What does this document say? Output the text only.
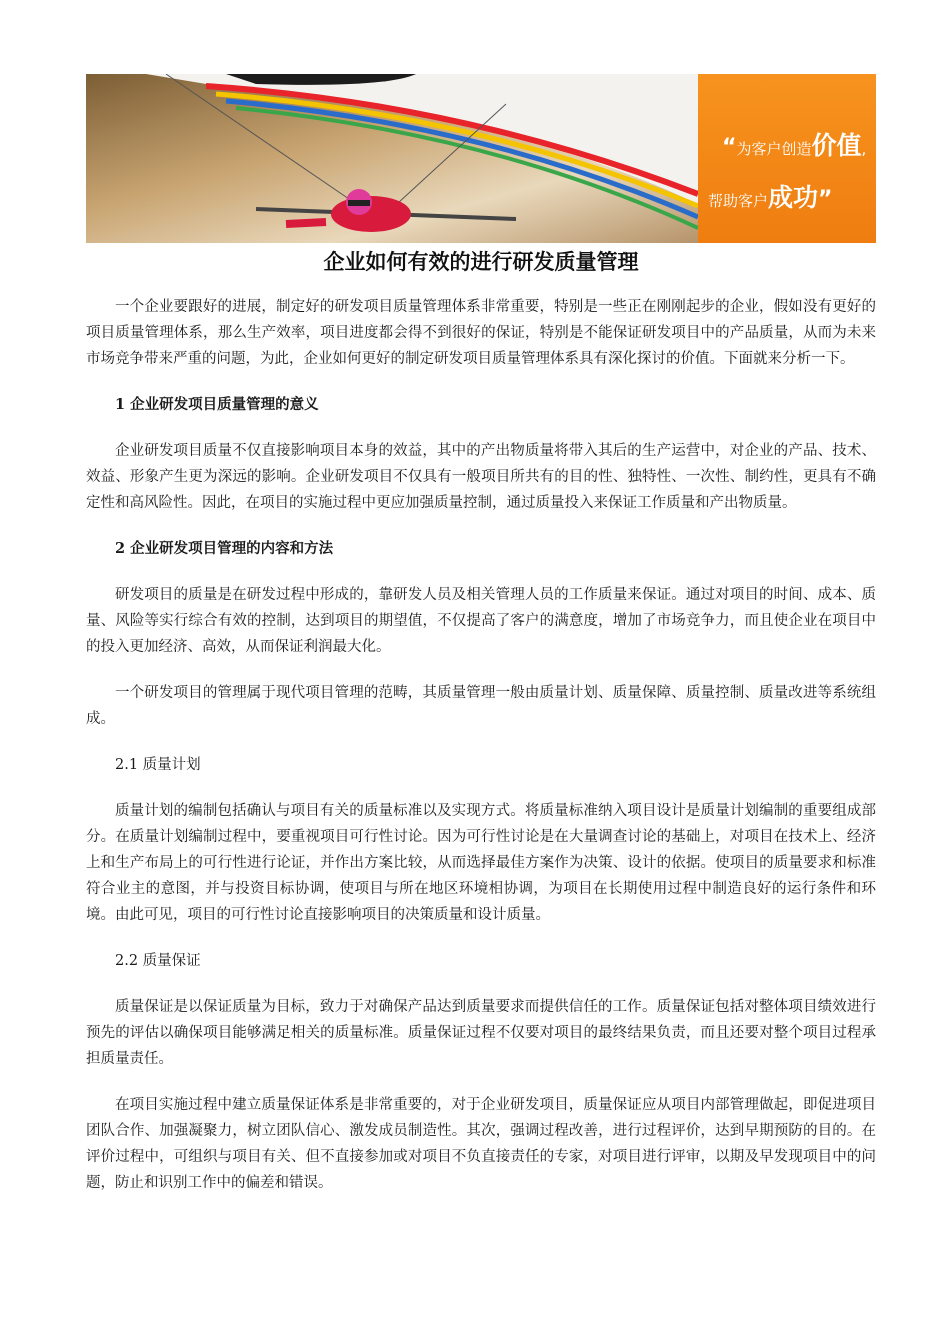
“为客户创造价值,
帮助客户成功”
企业如何有效的进行研发质量管理

一个企业要跟好的进展，制定好的研发项目质量管理体系非常重要，特别是一些正在刚刚起步的企业，假如没有更好的项目质量管理体系，那么生产效率，项目进度都会得不到很好的保证，特别是不能保证研发项目中的产品质量，从而为未来市场竞争带来严重的问题，为此，企业如何更好的制定研发项目质量管理体系具有深化探讨的价值。下面就来分析一下。

1 企业研发项目质量管理的意义

企业研发项目质量不仅直接影响项目本身的效益，其中的产出物质量将带入其后的生产运营中，对企业的产品、技术、效益、形象产生更为深远的影响。企业研发项目不仅具有一般项目所共有的目的性、独特性、一次性、制约性，更具有不确定性和高风险性。因此，在项目的实施过程中更应加强质量控制，通过质量投入来保证工作质量和产出物质量。

2 企业研发项目管理的内容和方法

研发项目的质量是在研发过程中形成的，靠研发人员及相关管理人员的工作质量来保证。通过对项目的时间、成本、质量、风险等实行综合有效的控制，达到项目的期望值，不仅提高了客户的满意度，增加了市场竞争力，而且使企业在项目中的投入更加经济、高效，从而保证利润最大化。

一个研发项目的管理属于现代项目管理的范畴，其质量管理一般由质量计划、质量保障、质量控制、质量改进等系统组成。

2.1 质量计划

质量计划的编制包括确认与项目有关的质量标准以及实现方式。将质量标准纳入项目设计是质量计划编制的重要组成部分。在质量计划编制过程中，要重视项目可行性讨论。因为可行性讨论是在大量调查讨论的基础上，对项目在技术上、经济上和生产布局上的可行性进行论证，并作出方案比较，从而选择最佳方案作为决策、设计的依据。使项目的质量要求和标准符合业主的意图，并与投资目标协调，使项目与所在地区环境相协调，为项目在长期使用过程中制造良好的运行条件和环境。由此可见，项目的可行性讨论直接影响项目的决策质量和设计质量。

2.2 质量保证

质量保证是以保证质量为目标，致力于对确保产品达到质量要求而提供信任的工作。质量保证包括对整体项目绩效进行预先的评估以确保项目能够满足相关的质量标准。质量保证过程不仅要对项目的最终结果负责，而且还要对整个项目过程承担质量责任。

在项目实施过程中建立质量保证体系是非常重要的，对于企业研发项目，质量保证应从项目内部管理做起，即促进项目团队合作、加强凝聚力，树立团队信心、激发成员制造性。其次，强调过程改善，进行过程评价，达到早期预防的目的。在评价过程中，可组织与项目有关、但不直接参加或对项目不负直接责任的专家，对项目进行评审，以期及早发现项目中的问题，防止和识别工作中的偏差和错误。
